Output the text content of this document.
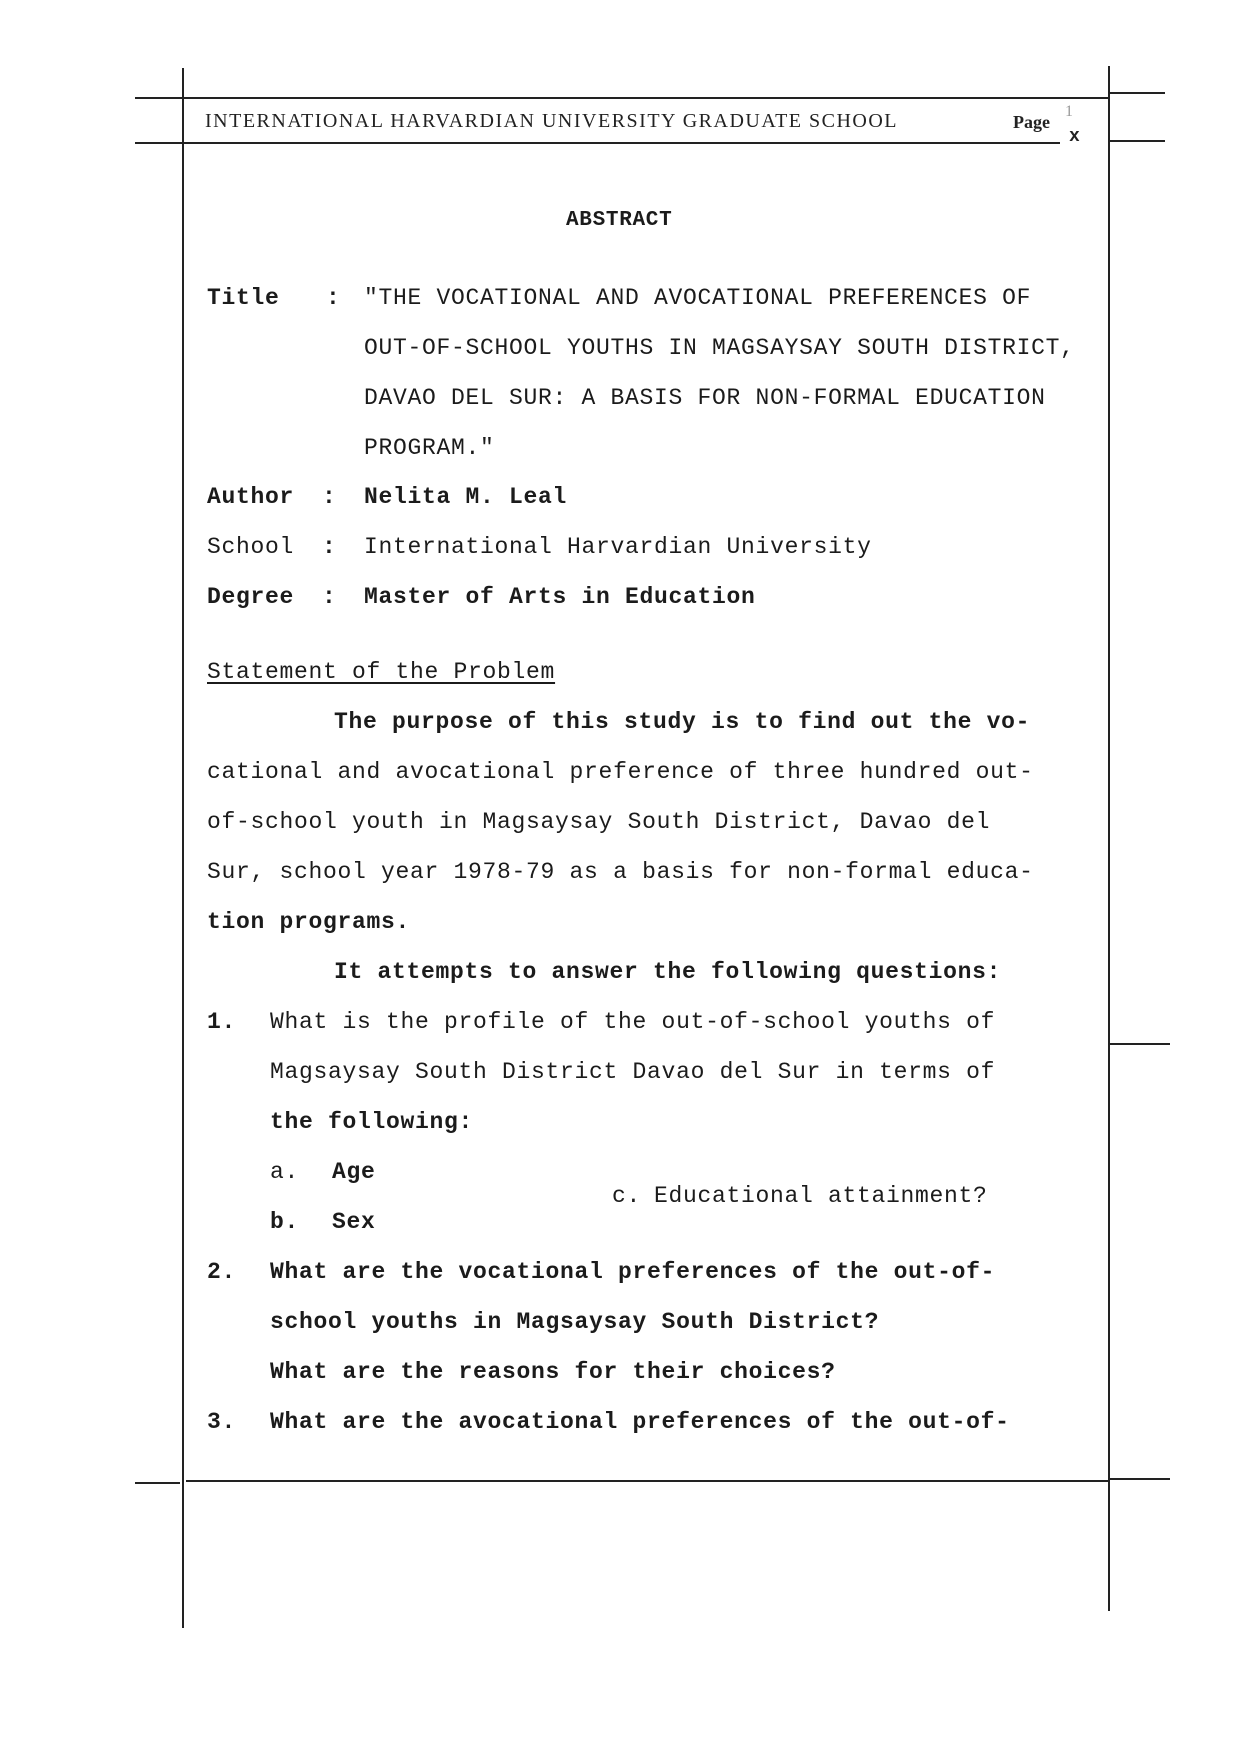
INTERNATIONAL HARVARDIAN UNIVERSITY GRADUATE SCHOOL	Page
1
x
ABSTRACT
Title : "THE VOCATIONAL AND AVOCATIONAL PREFERENCES OF
OUT-OF-SCHOOL YOUTHS IN MAGSAYSAY SOUTH DISTRICT,
DAVAO DEL SUR: A BASIS FOR NON-FORMAL EDUCATION
PROGRAM."
Author : Nelita M. Leal
School : International Harvardian University
Degree : Master of Arts in Education
Statement of the Problem
The purpose of this study is to find out the vo-
cational and avocational preference of three hundred out-
of-school youth in Magsaysay South District, Davao del
Sur, school year 1978-79 as a basis for non-formal educa-
tion programs.
It attempts to answer the following questions:
1. What is the profile of the out-of-school youths of
Magsaysay South District Davao del Sur in terms of
the following:
a. Age
c. Educational attainment?
b. Sex
2. What are the vocational preferences of the out-of-
school youths in Magsaysay South District?
What are the reasons for their choices?
3. What are the avocational preferences of the out-of-
